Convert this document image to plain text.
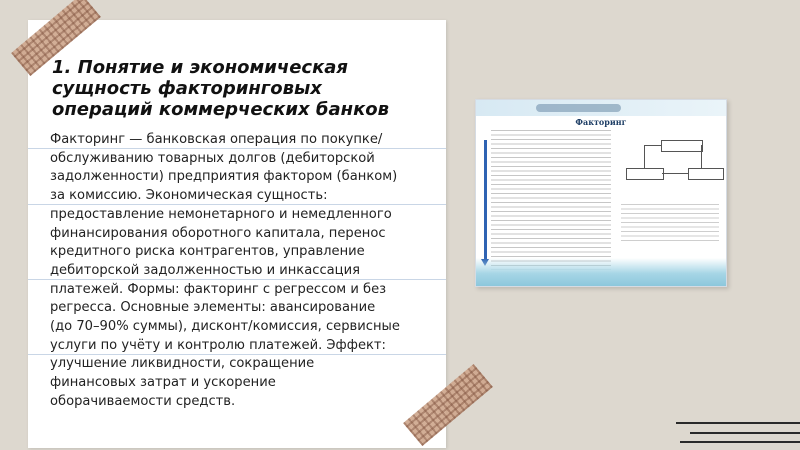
1. Понятие и экономическая сущность факторинговых операций коммерческих банков

Факторинг — банковская операция по покупке/обслуживанию товарных долгов (дебиторской задолженности) предприятия фактором (банком) за комиссию. Экономическая сущность: предоставление немонетарного и немедленного финансирования оборотного капитала, перенос кредитного риска контрагентов, управление дебиторской задолженностью и инкассация платежей. Формы: факторинг с регрессом и без регресса. Основные элементы: авансирование (до 70–90% суммы), дисконт/комиссия, сервисные услуги по учёту и контролю платежей. Эффект: улучшение ликвидности, сокращение финансовых затрат и ускорение оборачиваемости средств.

Факторинг
